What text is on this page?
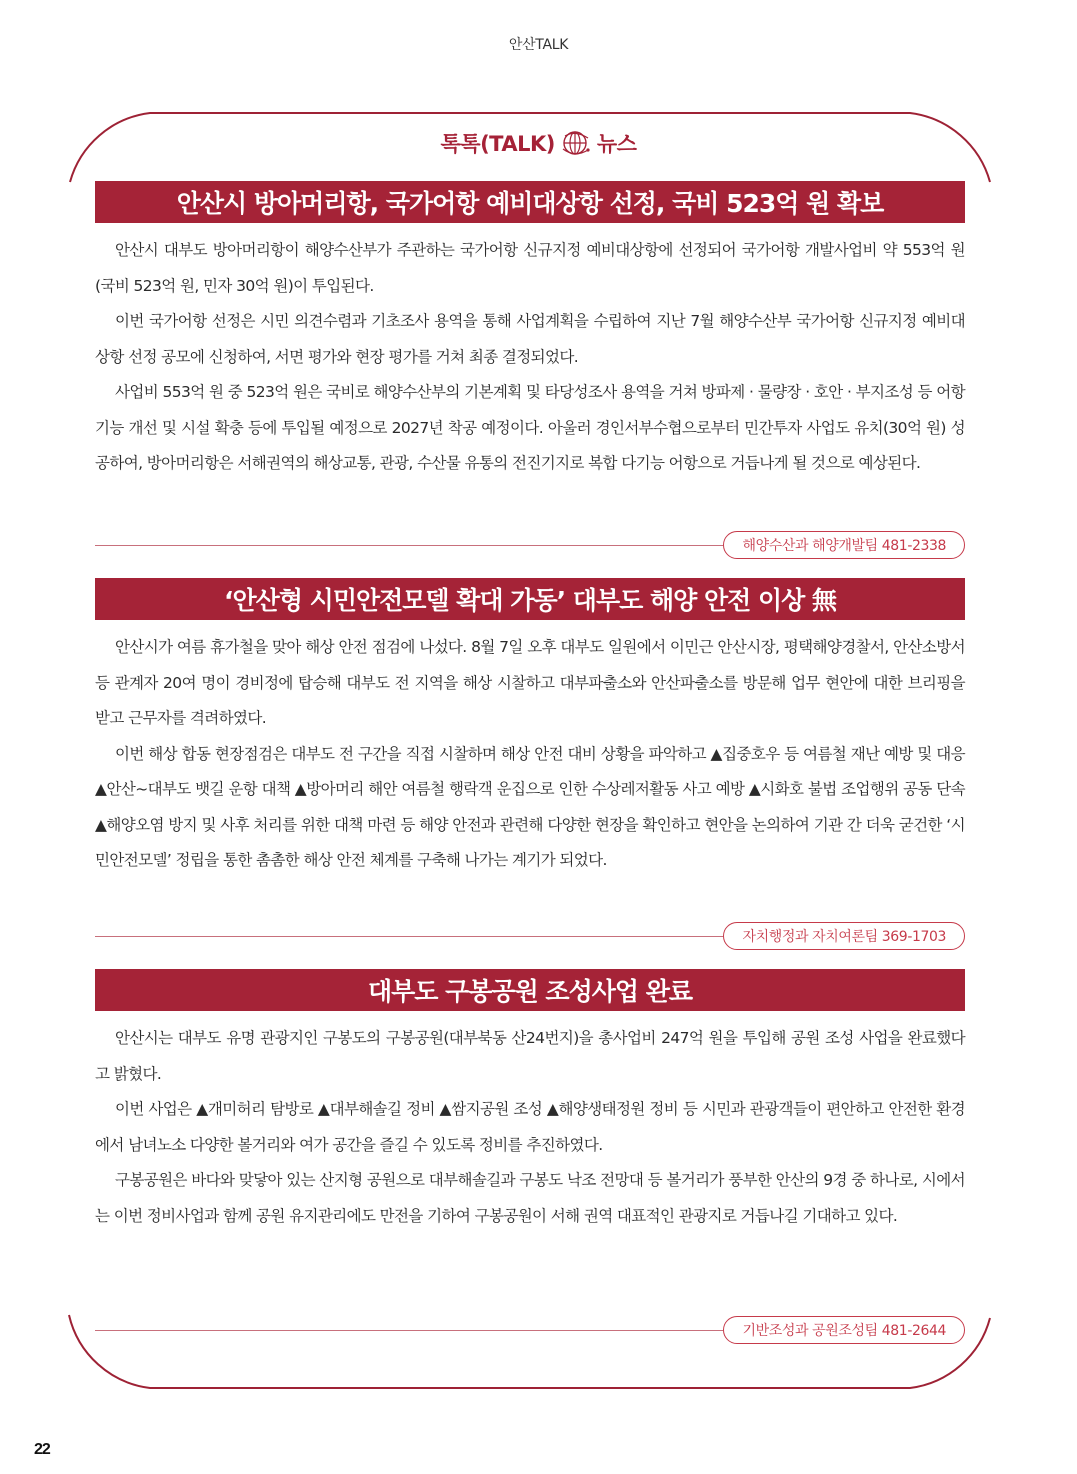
안산TALK
톡톡(TALK) 뉴스
안산시 방아머리항, 국가어항 예비대상항 선정, 국비 523억 원 확보

안산시 대부도 방아머리항이 해양수산부가 주관하는 국가어항 신규지정 예비대상항에 선정되어 국가어항 개발사업비 약 553억 원(국비 523억 원, 민자 30억 원)이 투입된다.

이번 국가어항 선정은 시민 의견수렴과 기초조사 용역을 통해 사업계획을 수립하여 지난 7월 해양수산부 국가어항 신규지정 예비대상항 선정 공모에 신청하여, 서면 평가와 현장 평가를 거쳐 최종 결정되었다.

사업비 553억 원 중 523억 원은 국비로 해양수산부의 기본계획 및 타당성조사 용역을 거쳐 방파제 · 물량장 · 호안 · 부지조성 등 어항 기능 개선 및 시설 확충 등에 투입될 예정으로 2027년 착공 예정이다. 아울러 경인서부수협으로부터 민간투자 사업도 유치(30억 원) 성공하여, 방아머리항은 서해권역의 해상교통, 관광, 수산물 유통의 전진기지로 복합 다기능 어항으로 거듭나게 될 것으로 예상된다.

해양수산과 해양개발팀 481-2338
‘안산형 시민안전모델 확대 가동’ 대부도 해양 안전 이상 無

안산시가 여름 휴가철을 맞아 해상 안전 점검에 나섰다. 8월 7일 오후 대부도 일원에서 이민근 안산시장, 평택해양경찰서, 안산소방서 등 관계자 20여 명이 경비정에 탑승해 대부도 전 지역을 해상 시찰하고 대부파출소와 안산파출소를 방문해 업무 현안에 대한 브리핑을 받고 근무자를 격려하였다.

이번 해상 합동 현장점검은 대부도 전 구간을 직접 시찰하며 해상 안전 대비 상황을 파악하고 ▲집중호우 등 여름철 재난 예방 및 대응 ▲안산~대부도 뱃길 운항 대책 ▲방아머리 해안 여름철 행락객 운집으로 인한 수상레저활동 사고 예방 ▲시화호 불법 조업행위 공동 단속 ▲해양오염 방지 및 사후 처리를 위한 대책 마련 등 해양 안전과 관련해 다양한 현장을 확인하고 현안을 논의하여 기관 간 더욱 굳건한 ‘시민안전모델’ 정립을 통한 촘촘한 해상 안전 체계를 구축해 나가는 계기가 되었다.

자치행정과 자치여론팀 369-1703
대부도 구봉공원 조성사업 완료

안산시는 대부도 유명 관광지인 구봉도의 구봉공원(대부북동 산24번지)을 총사업비 247억 원을 투입해 공원 조성 사업을 완료했다고 밝혔다.

이번 사업은 ▲개미허리 탐방로 ▲대부해솔길 정비 ▲쌈지공원 조성 ▲해양생태정원 정비 등 시민과 관광객들이 편안하고 안전한 환경에서 남녀노소 다양한 볼거리와 여가 공간을 즐길 수 있도록 정비를 추진하였다.

구봉공원은 바다와 맞닿아 있는 산지형 공원으로 대부해솔길과 구봉도 낙조 전망대 등 볼거리가 풍부한 안산의 9경 중 하나로, 시에서는 이번 정비사업과 함께 공원 유지관리에도 만전을 기하여 구봉공원이 서해 권역 대표적인 관광지로 거듭나길 기대하고 있다.

기반조성과 공원조성팀 481-2644
22
